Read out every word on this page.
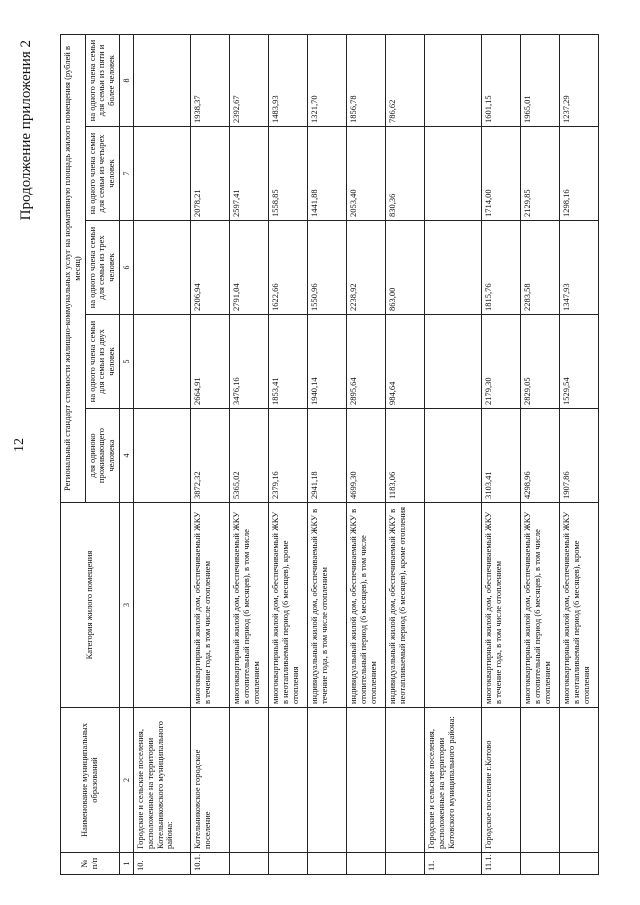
12
Продолжение приложения 2
№ п/п	Наименование муниципальных образований	Категория жилого помещения	Региональный стандарт стоимости жилищно-коммунальных услуг на нормативную площадь жилого помещения (рублей в месяц)				
			для одиноко проживающего человека	на одного члена семьи для семьи из двух человек	на одного члена семьи для семьи из трех человек	на одного члена семьи для семьи из четырех человек	на одного члена семьи для семьи из пяти и более человек
1	2	3	4	5	6	7	8
10.	Городские и сельские поселения, расположенные на территории Котельниковского муниципального района:						
10.1.	Котельниковское городское поселение	многоквартирный жилой дом, обеспечиваемый ЖКУ в течение года, в том числе отоплением	3872,32	2664,91	2206,94	2078,21	1938,37
		многоквартирный жилой дом, обеспечиваемый ЖКУ в отопительный период (6 месяцев), в том числе отоплением	5365,02	3476,16	2791,04	2597,41	2392,67
		многоквартирный жилой дом, обеспечиваемый ЖКУ в неотапливаемый период (6 месяцев), кроме отопления	2379,16	1853,41	1622,66	1558,85	1483,93
		индивидуальный жилой дом, обеспечиваемый ЖКУ в течение года, в том числе отоплением	2941,18	1940,14	1550,96	1441,88	1321,70
		индивидуальный жилой дом, обеспечиваемый ЖКУ в отопительный период (6 месяцев), в том числе отоплением	4699,30	2895,64	2238,92	2053,40	1856,78
		индивидуальный жилой дом, обеспечиваемый ЖКУ в неотапливаемый период (6 месяцев), кроме отопления	1183,06	984,64	863,00	830,36	786,62
11.	Городские и сельские поселения, расположенные на территории Котовского муниципального района:						
11.1.	Городское поселение г.Котово	многоквартирный жилой дом, обеспечиваемый ЖКУ в течение года, в том числе отоплением	3103,41	2179,30	1815,76	1714,00	1601,15
		многоквартирный жилой дом, обеспечиваемый ЖКУ в отопительный период (6 месяцев), в том числе отоплением	4298,96	2829,05	2283,58	2129,85	1965,01
		многоквартирный жилой дом, обеспечиваемый ЖКУ в неотапливаемый период (6 месяцев), кроме отопления	1907,86	1529,54	1347,93	1298,16	1237,29
